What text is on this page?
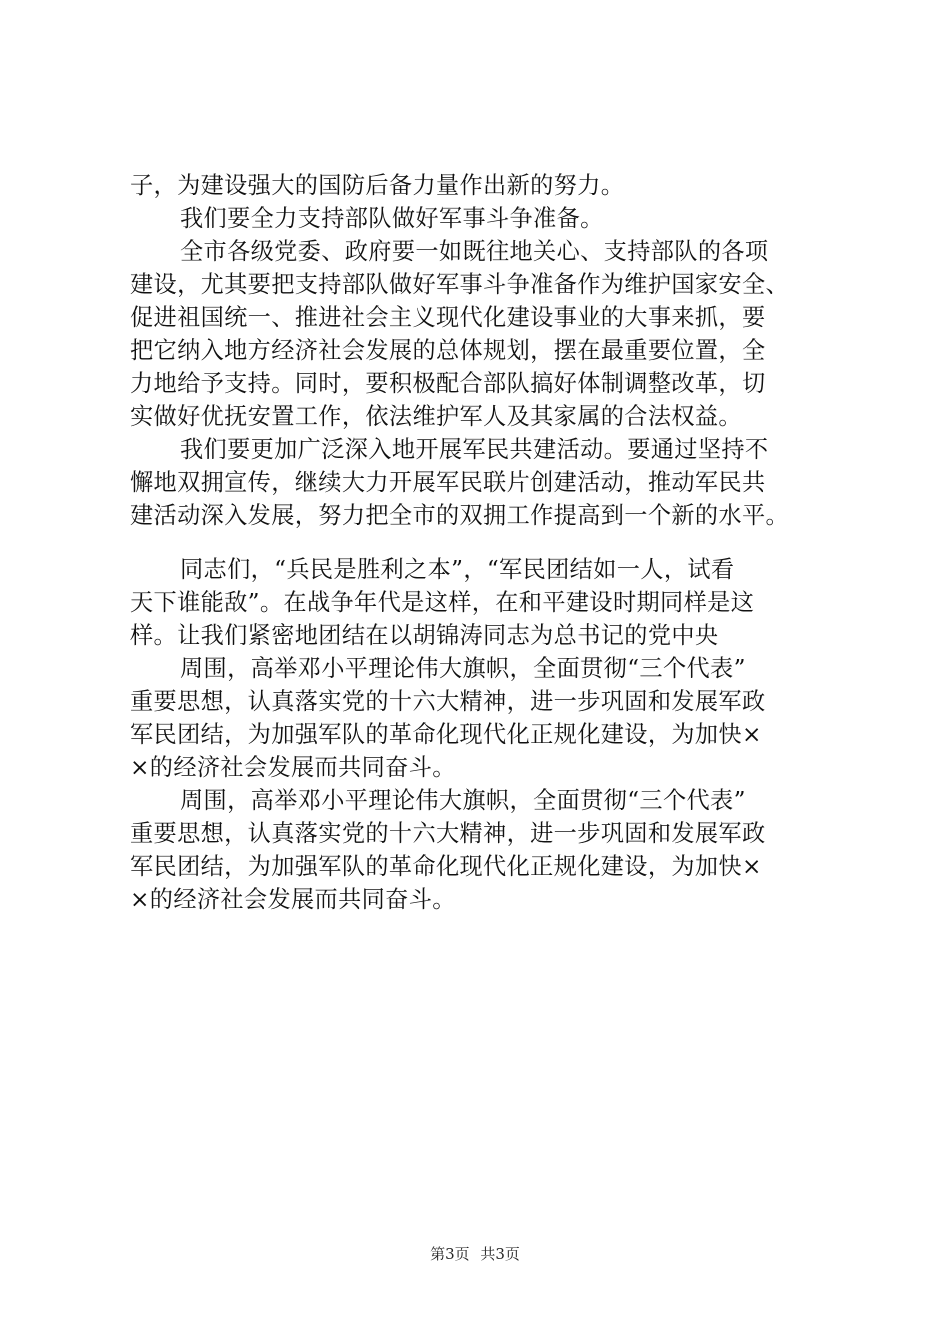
子，为建设强大的国防后备力量作出新的努力。
我们要全力支持部队做好军事斗争准备。
全市各级党委、政府要一如既往地关心、支持部队的各项
建设，尤其要把支持部队做好军事斗争准备作为维护国家安全、
促进祖国统一、推进社会主义现代化建设事业的大事来抓，要
把它纳入地方经济社会发展的总体规划，摆在最重要位置，全
力地给予支持。同时，要积极配合部队搞好体制调整改革，切
实做好优抚安置工作，依法维护军人及其家属的合法权益。
我们要更加广泛深入地开展军民共建活动。要通过坚持不
懈地双拥宣传，继续大力开展军民联片创建活动，推动军民共
建活动深入发展，努力把全市的双拥工作提高到一个新的水平。
同志们，“兵民是胜利之本”，“军民团结如一人，试看
天下谁能敌”。在战争年代是这样，在和平建设时期同样是这
样。让我们紧密地团结在以胡锦涛同志为总书记的党中央
周围，高举邓小平理论伟大旗帜，全面贯彻“三个代表”
重要思想，认真落实党的十六大精神，进一步巩固和发展军政
军民团结，为加强军队的革命化现代化正规化建设，为加快×
×的经济社会发展而共同奋斗。
周围，高举邓小平理论伟大旗帜，全面贯彻“三个代表”
重要思想，认真落实党的十六大精神，进一步巩固和发展军政
军民团结，为加强军队的革命化现代化正规化建设，为加快×
×的经济社会发展而共同奋斗。
第3页 共3页
